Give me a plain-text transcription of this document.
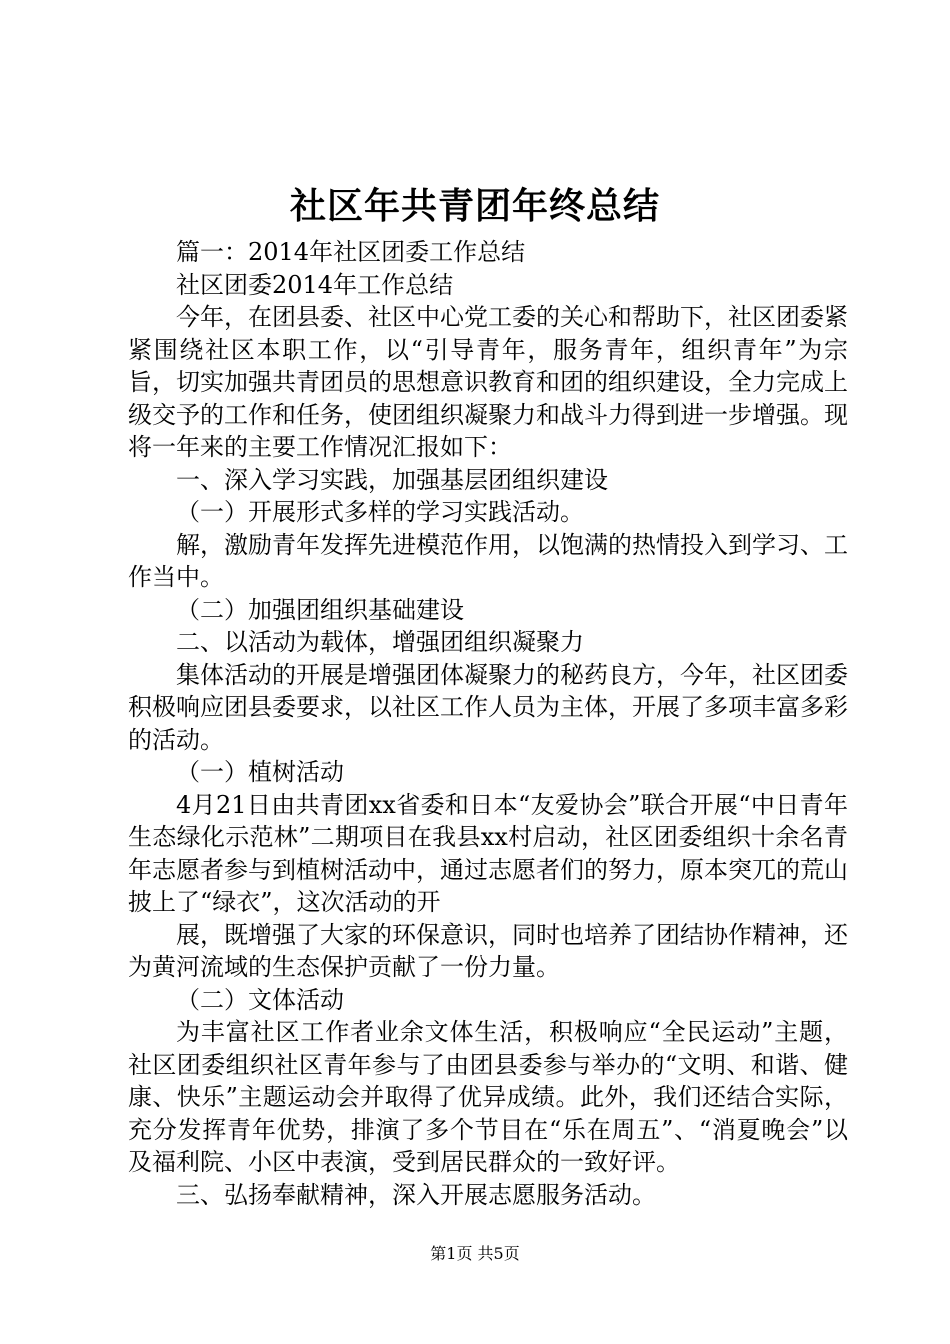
社区年共青团年终总结

篇一：2014年社区团委工作总结

社区团委2014年工作总结

今年，在团县委、社区中心党工委的关心和帮助下，社区团委紧紧围绕社区本职工作，以“引导青年，服务青年，组织青年”为宗旨，切实加强共青团员的思想意识教育和团的组织建设，全力完成上级交予的工作和任务，使团组织凝聚力和战斗力得到进一步增强。现将一年来的主要工作情况汇报如下：

一、深入学习实践，加强基层团组织建设

（一）开展形式多样的学习实践活动。

解，激励青年发挥先进模范作用，以饱满的热情投入到学习、工作当中。

（二）加强团组织基础建设

二、以活动为载体，增强团组织凝聚力

集体活动的开展是增强团体凝聚力的秘药良方，今年，社区团委积极响应团县委要求，以社区工作人员为主体，开展了多项丰富多彩的活动。

（一）植树活动

4月21日由共青团xx省委和日本“友爱协会”联合开展“中日青年生态绿化示范林”二期项目在我县xx村启动，社区团委组织十余名青年志愿者参与到植树活动中，通过志愿者们的努力，原本突兀的荒山披上了“绿衣”，这次活动的开

展，既增强了大家的环保意识，同时也培养了团结协作精神，还为黄河流域的生态保护贡献了一份力量。

（二）文体活动

为丰富社区工作者业余文体生活，积极响应“全民运动”主题，社区团委组织社区青年参与了由团县委参与举办的“文明、和谐、健康、快乐”主题运动会并取得了优异成绩。此外，我们还结合实际，充分发挥青年优势，排演了多个节目在“乐在周五”、“消夏晚会”以及福利院、小区中表演，受到居民群众的一致好评。

三、弘扬奉献精神，深入开展志愿服务活动。

第1页 共5页
